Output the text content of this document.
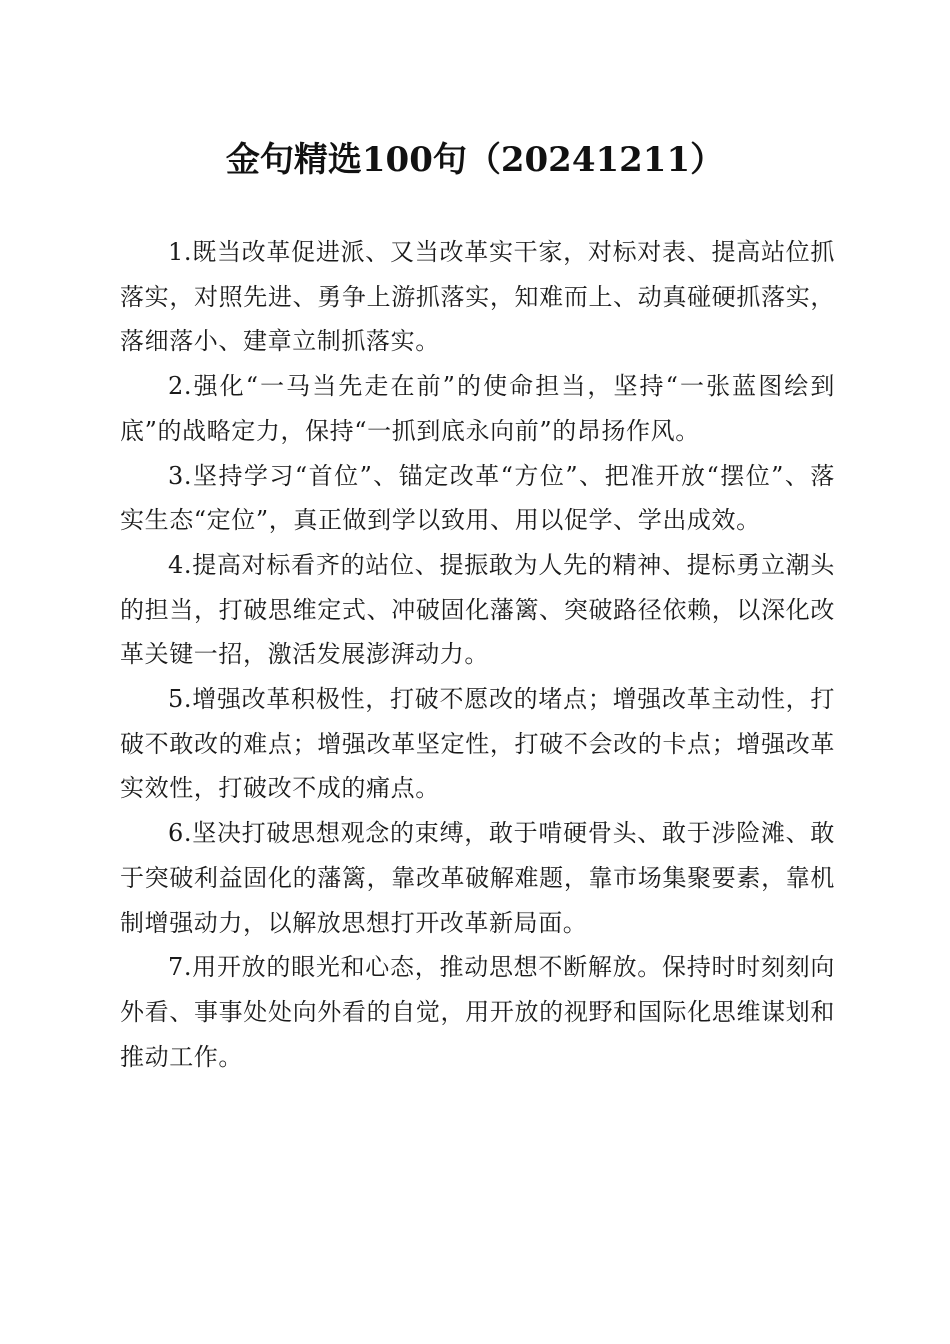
金句精选100句（20241211）

1.既当改革促进派、又当改革实干家，对标对表、提高站位抓落实，对照先进、勇争上游抓落实，知难而上、动真碰硬抓落实，落细落小、建章立制抓落实。

2.强化“一马当先走在前”的使命担当，坚持“一张蓝图绘到底”的战略定力，保持“一抓到底永向前”的昂扬作风。

3.坚持学习“首位”、锚定改革“方位”、把准开放“摆位”、落实生态“定位”，真正做到学以致用、用以促学、学出成效。

4.提高对标看齐的站位、提振敢为人先的精神、提标勇立潮头的担当，打破思维定式、冲破固化藩篱、突破路径依赖，以深化改革关键一招，激活发展澎湃动力。

5.增强改革积极性，打破不愿改的堵点；增强改革主动性，打破不敢改的难点；增强改革坚定性，打破不会改的卡点；增强改革实效性，打破改不成的痛点。

6.坚决打破思想观念的束缚，敢于啃硬骨头、敢于涉险滩、敢于突破利益固化的藩篱，靠改革破解难题，靠市场集聚要素，靠机制增强动力，以解放思想打开改革新局面。

7.用开放的眼光和心态，推动思想不断解放。保持时时刻刻向外看、事事处处向外看的自觉，用开放的视野和国际化思维谋划和推动工作。
